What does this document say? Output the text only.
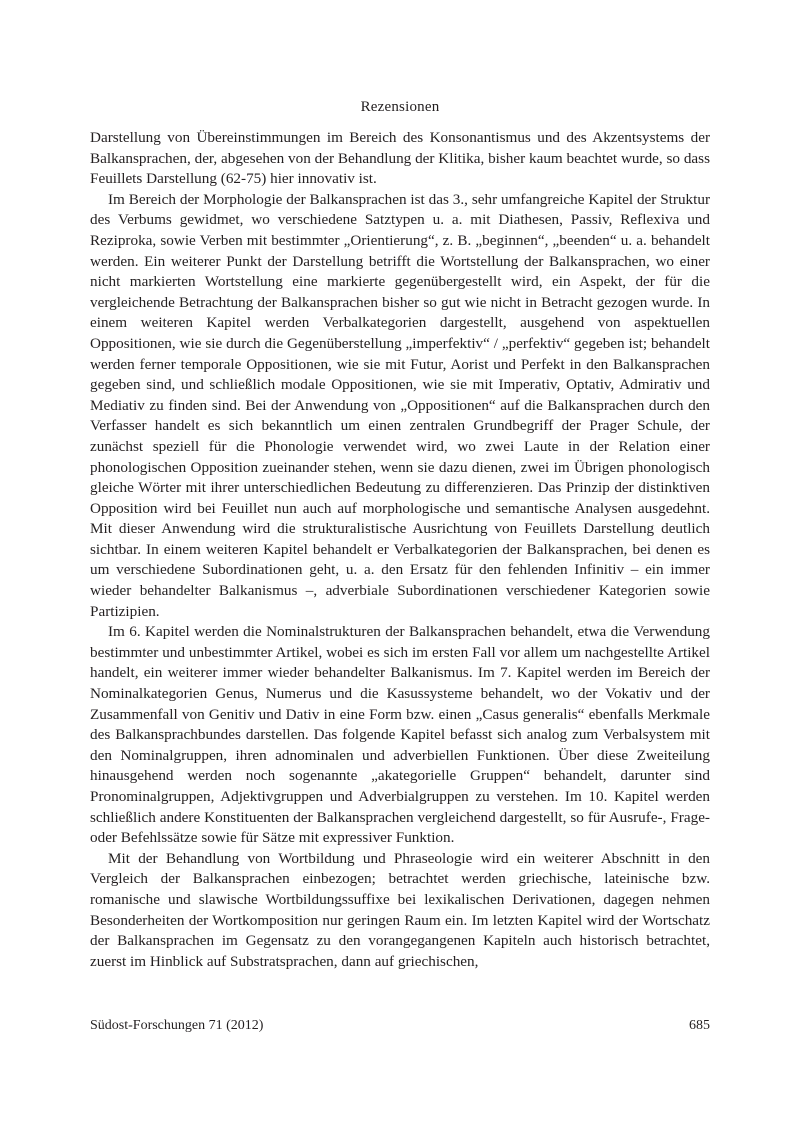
Rezensionen

Darstellung von Übereinstimmungen im Bereich des Konsonantismus und des Akzentsystems der Balkansprachen, der, abgesehen von der Behandlung der Klitika, bisher kaum beachtet wurde, so dass Feuillets Darstellung (62-75) hier innovativ ist.

Im Bereich der Morphologie der Balkansprachen ist das 3., sehr umfangreiche Kapitel der Struktur des Verbums gewidmet, wo verschiedene Satztypen u. a. mit Diathesen, Passiv, Reflexiva und Reziproka, sowie Verben mit bestimmter „Orientierung“, z. B. „beginnen“, „beenden“ u. a. behandelt werden. Ein weiterer Punkt der Darstellung betrifft die Wortstellung der Balkansprachen, wo einer nicht markierten Wortstellung eine markierte gegenübergestellt wird, ein Aspekt, der für die vergleichende Betrachtung der Balkansprachen bisher so gut wie nicht in Betracht gezogen wurde. In einem weiteren Kapitel werden Verbalkategorien dargestellt, ausgehend von aspektuellen Oppositionen, wie sie durch die Gegenüberstellung „imperfektiv“ / „perfektiv“ gegeben ist; behandelt werden ferner temporale Oppositionen, wie sie mit Futur, Aorist und Perfekt in den Balkansprachen gegeben sind, und schließlich modale Oppositionen, wie sie mit Imperativ, Optativ, Admirativ und Mediativ zu finden sind. Bei der Anwendung von „Oppositionen“ auf die Balkansprachen durch den Verfasser handelt es sich bekanntlich um einen zentralen Grundbegriff der Prager Schule, der zunächst speziell für die Phonologie verwendet wird, wo zwei Laute in der Relation einer phonologischen Opposition zueinander stehen, wenn sie dazu dienen, zwei im Übrigen phonologisch gleiche Wörter mit ihrer unterschiedlichen Bedeutung zu differenzieren. Das Prinzip der distinktiven Opposition wird bei Feuillet nun auch auf morphologische und semantische Analysen ausgedehnt. Mit dieser Anwendung wird die strukturalistische Ausrichtung von Feuillets Darstellung deutlich sichtbar. In einem weiteren Kapitel behandelt er Verbalkategorien der Balkansprachen, bei denen es um verschiedene Subordinationen geht, u. a. den Ersatz für den fehlenden Infinitiv – ein immer wieder behandelter Balkanismus –, adverbiale Subordinationen verschiedener Kategorien sowie Partizipien.

Im 6. Kapitel werden die Nominalstrukturen der Balkansprachen behandelt, etwa die Verwendung bestimmter und unbestimmter Artikel, wobei es sich im ersten Fall vor allem um nachgestellte Artikel handelt, ein weiterer immer wieder behandelter Balkanismus. Im 7. Kapitel werden im Bereich der Nominalkategorien Genus, Numerus und die Kasussysteme behandelt, wo der Vokativ und der Zusammenfall von Genitiv und Dativ in eine Form bzw. einen „Casus generalis“ ebenfalls Merkmale des Balkansprachbundes darstellen. Das folgende Kapitel befasst sich analog zum Verbalsystem mit den Nominalgruppen, ihren adnominalen und adverbiellen Funktionen. Über diese Zweiteilung hinausgehend werden noch sogenannte „akategorielle Gruppen“ behandelt, darunter sind Pronominalgruppen, Adjektivgruppen und Adverbialgruppen zu verstehen. Im 10. Kapitel werden schließlich andere Konstituenten der Balkansprachen vergleichend dargestellt, so für Ausrufe-, Frage- oder Befehlssätze sowie für Sätze mit expressiver Funktion.

Mit der Behandlung von Wortbildung und Phraseologie wird ein weiterer Abschnitt in den Vergleich der Balkansprachen einbezogen; betrachtet werden griechische, lateinische bzw. romanische und slawische Wortbildungssuffixe bei lexikalischen Derivationen, dagegen nehmen Besonderheiten der Wortkomposition nur geringen Raum ein. Im letzten Kapitel wird der Wortschatz der Balkansprachen im Gegensatz zu den vorangegangenen Kapiteln auch historisch betrachtet, zuerst im Hinblick auf Substratsprachen, dann auf griechischen,

Südost-Forschungen 71 (2012)	685
